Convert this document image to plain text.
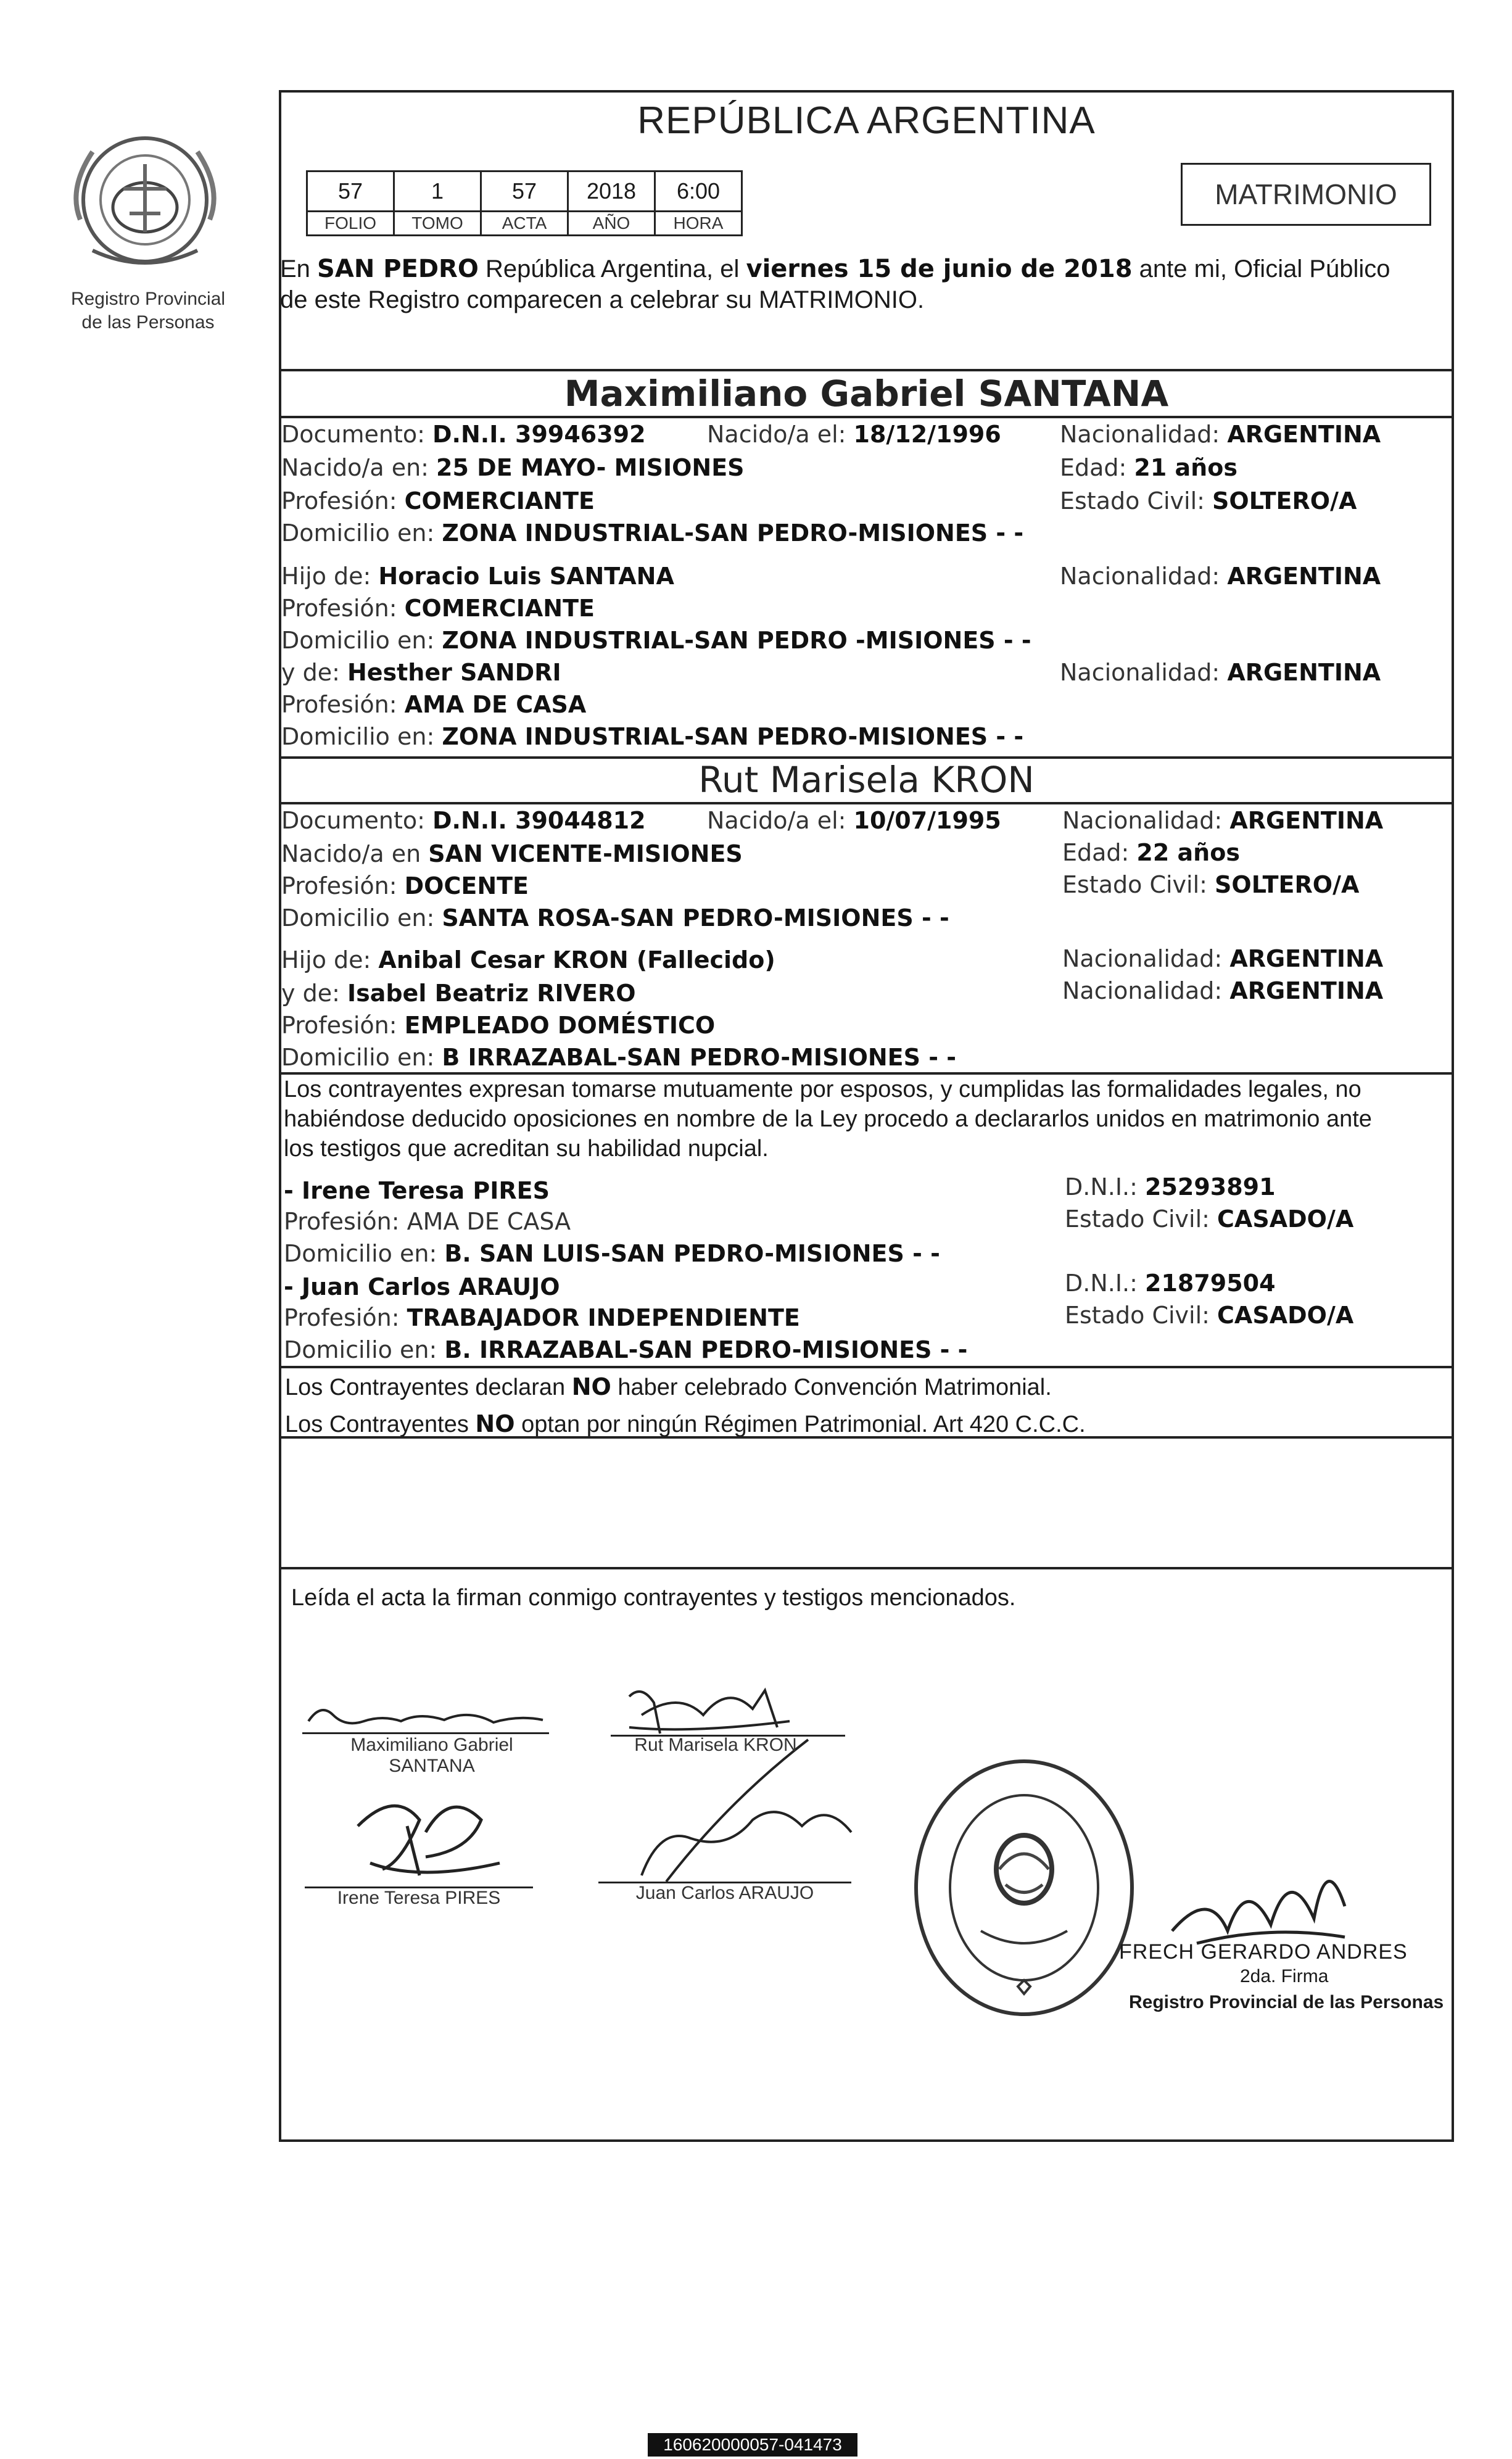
Registro Provincial
de las Personas
REPÚBLICA ARGENTINA
57	1	57	2018	6:00
FOLIO	TOMO	ACTA	AÑO	HORA
MATRIMONIO
En SAN PEDRO República Argentina, el viernes 15 de junio de 2018 ante mi, Oficial Público
de este Registro comparecen a celebrar su MATRIMONIO.
Maximiliano Gabriel SANTANA
Documento: D.N.I. 39946392	Nacido/a el: 18/12/1996	Nacionalidad: ARGENTINA
Nacido/a en: 25 DE MAYO- MISIONES	Edad: 21 años
Profesión: COMERCIANTE	Estado Civil: SOLTERO/A
Domicilio en: ZONA INDUSTRIAL-SAN PEDRO-MISIONES - -
Hijo de: Horacio Luis SANTANA	Nacionalidad: ARGENTINA
Profesión: COMERCIANTE
Domicilio en: ZONA INDUSTRIAL-SAN PEDRO -MISIONES - -
y de: Hesther SANDRI	Nacionalidad: ARGENTINA
Profesión: AMA DE CASA
Domicilio en: ZONA INDUSTRIAL-SAN PEDRO-MISIONES - -
Rut Marisela KRON
Documento: D.N.I. 39044812	Nacido/a el: 10/07/1995	Nacionalidad: ARGENTINA
Nacido/a en SAN VICENTE-MISIONES	Edad: 22 años
Profesión: DOCENTE	Estado Civil: SOLTERO/A
Domicilio en: SANTA ROSA-SAN PEDRO-MISIONES - -
Hijo de: Anibal Cesar KRON (Fallecido)	Nacionalidad: ARGENTINA
y de: Isabel Beatriz RIVERO	Nacionalidad: ARGENTINA
Profesión: EMPLEADO DOMÉSTICO
Domicilio en: B IRRAZABAL-SAN PEDRO-MISIONES - -
Los contrayentes expresan tomarse mutuamente por esposos, y cumplidas las formalidades legales, no
habiéndose deducido oposiciones en nombre de la Ley procedo a declararlos unidos en matrimonio ante
los testigos que acreditan su habilidad nupcial.
- Irene Teresa PIRES	D.N.I.: 25293891
Profesión: AMA DE CASA	Estado Civil: CASADO/A
Domicilio en: B. SAN LUIS-SAN PEDRO-MISIONES - -
- Juan Carlos ARAUJO	D.N.I.: 21879504
Profesión: TRABAJADOR INDEPENDIENTE	Estado Civil: CASADO/A
Domicilio en: B. IRRAZABAL-SAN PEDRO-MISIONES - -
Los Contrayentes declaran NO haber celebrado Convención Matrimonial.
Los Contrayentes NO optan por ningún Régimen Patrimonial. Art 420 C.C.C.
Leída el acta la firman conmigo contrayentes y testigos mencionados.
Maximiliano Gabriel
SANTANA
Rut Marisela KRON
Irene Teresa PIRES	Juan Carlos ARAUJO
FRECH GERARDO ANDRES
2da. Firma
Registro Provincial de las Personas
160620000057-041473
